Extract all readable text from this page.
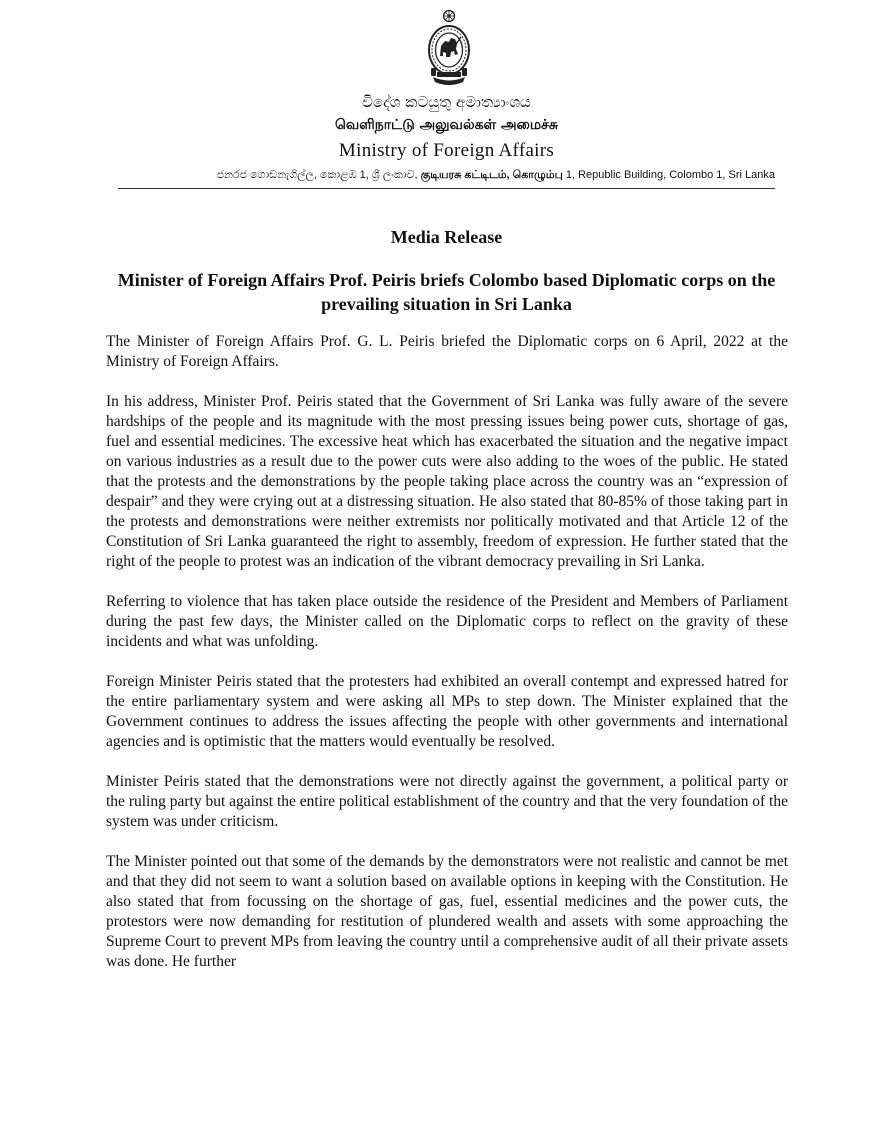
විදේශ කටයුතු අමාත්‍යාංශය
வெளிநாட்டு அலுவல்கள் அமைச்சு
Ministry of Foreign Affairs
ජනරජ ගොඩනැගිල්ල, කොළඹ 1, ශ්‍රී ලංකාව, குடியரசு கட்டிடம், கொழும்பு 1, Republic Building, Colombo 1, Sri Lanka
Media Release
Minister of Foreign Affairs Prof. Peiris briefs Colombo based Diplomatic corps on the prevailing situation in Sri Lanka

The Minister of Foreign Affairs Prof. G. L. Peiris briefed the Diplomatic corps on 6 April, 2022 at the Ministry of Foreign Affairs.

In his address, Minister Prof. Peiris stated that the Government of Sri Lanka was fully aware of the severe hardships of the people and its magnitude with the most pressing issues being power cuts, shortage of gas, fuel and essential medicines. The excessive heat which has exacerbated the situation and the negative impact on various industries as a result due to the power cuts were also adding to the woes of the public. He stated that the protests and the demonstrations by the people taking place across the country was an “expression of despair” and they were crying out at a distressing situation. He also stated that 80-85% of those taking part in the protests and demonstrations were neither extremists nor politically motivated and that Article 12 of the Constitution of Sri Lanka guaranteed the right to assembly, freedom of expression. He further stated that the right of the people to protest was an indication of the vibrant democracy prevailing in Sri Lanka.

Referring to violence that has taken place outside the residence of the President and Members of Parliament during the past few days, the Minister called on the Diplomatic corps to reflect on the gravity of these incidents and what was unfolding.

Foreign Minister Peiris stated that the protesters had exhibited an overall contempt and expressed hatred for the entire parliamentary system and were asking all MPs to step down. The Minister explained that the Government continues to address the issues affecting the people with other governments and international agencies and is optimistic that the matters would eventually be resolved.

Minister Peiris stated that the demonstrations were not directly against the government, a political party or the ruling party but against the entire political establishment of the country and that the very foundation of the system was under criticism.

The Minister pointed out that some of the demands by the demonstrators were not realistic and cannot be met and that they did not seem to want a solution based on available options in keeping with the Constitution. He also stated that from focussing on the shortage of gas, fuel, essential medicines and the power cuts, the protestors were now demanding for restitution of plundered wealth and assets with some approaching the Supreme Court to prevent MPs from leaving the country until a comprehensive audit of all their private assets was done. He further
